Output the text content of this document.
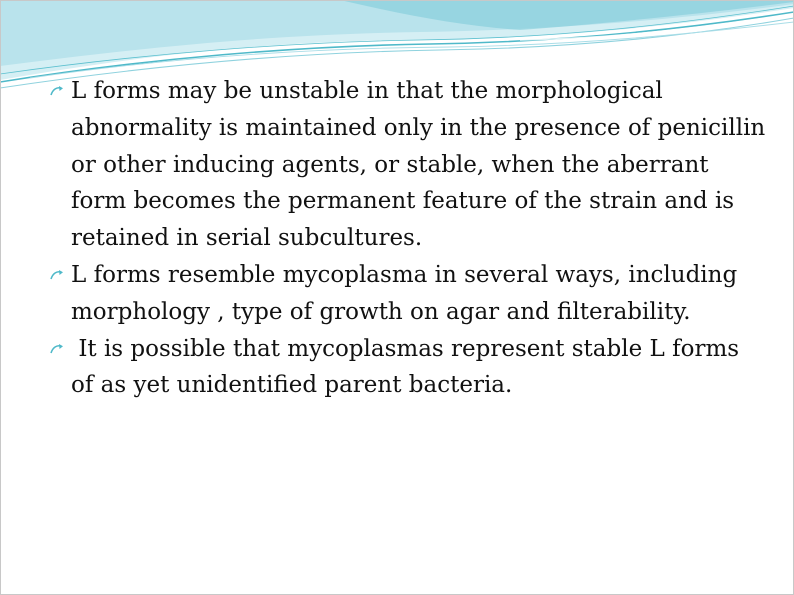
L forms may be unstable in that the morphological abnormality is maintained only in the presence of penicillin or other inducing agents, or stable, when the aberrant form becomes the permanent feature of the strain and is retained in serial subcultures.

L forms resemble mycoplasma in several ways, including morphology , type of growth on agar and filterability.

It is possible that mycoplasmas represent stable L forms of as yet unidentified parent bacteria.
